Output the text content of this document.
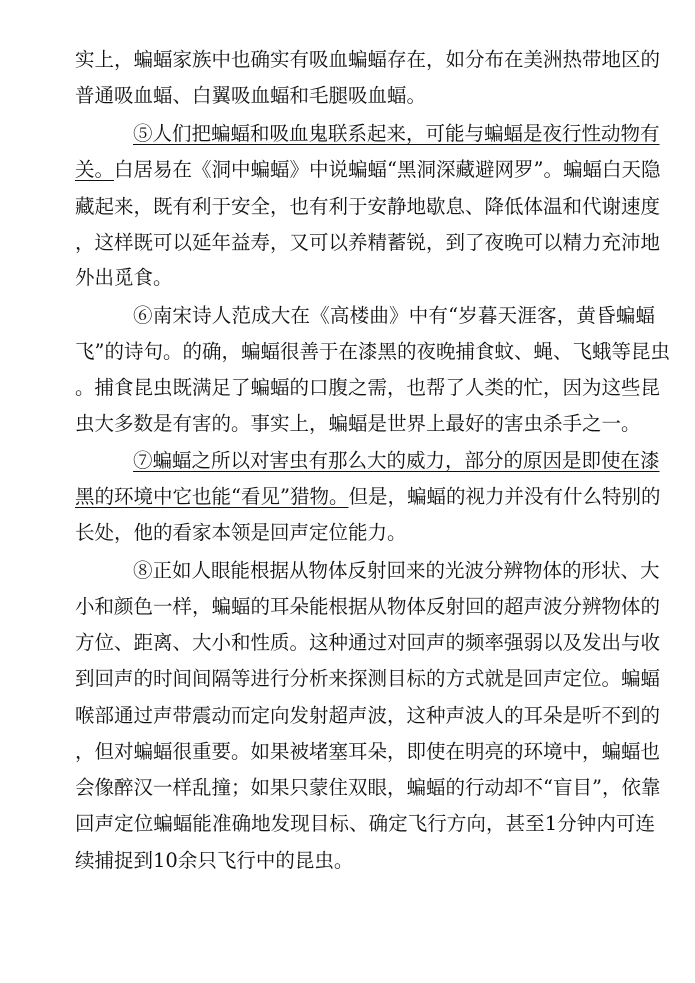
实上，蝙蝠家族中也确实有吸血蝙蝠存在，如分布在美洲热带地区的
普通吸血蝠、白翼吸血蝠和毛腿吸血蝠。
⑤人们把蝙蝠和吸血鬼联系起来，可能与蝙蝠是夜行性动物有
关。白居易在《洞中蝙蝠》中说蝙蝠“黑洞深藏避网罗”。蝙蝠白天隐
藏起来，既有利于安全，也有利于安静地歇息、降低体温和代谢速度
，这样既可以延年益寿，又可以养精蓄锐，到了夜晚可以精力充沛地
外出觅食。
⑥南宋诗人范成大在《高楼曲》中有“岁暮天涯客，黄昏蝙蝠
飞”的诗句。的确，蝙蝠很善于在漆黑的夜晚捕食蚊、蝇、飞蛾等昆虫
。捕食昆虫既满足了蝙蝠的口腹之需，也帮了人类的忙，因为这些昆
虫大多数是有害的。事实上，蝙蝠是世界上最好的害虫杀手之一。
⑦蝙蝠之所以对害虫有那么大的威力，部分的原因是即使在漆
黑的环境中它也能“看见”猎物。但是，蝙蝠的视力并没有什么特别的
长处，他的看家本领是回声定位能力。
⑧正如人眼能根据从物体反射回来的光波分辨物体的形状、大
小和颜色一样，蝙蝠的耳朵能根据从物体反射回的超声波分辨物体的
方位、距离、大小和性质。这种通过对回声的频率强弱以及发出与收
到回声的时间间隔等进行分析来探测目标的方式就是回声定位。蝙蝠
喉部通过声带震动而定向发射超声波，这种声波人的耳朵是听不到的
，但对蝙蝠很重要。如果被堵塞耳朵，即使在明亮的环境中，蝙蝠也
会像醉汉一样乱撞；如果只蒙住双眼，蝙蝠的行动却不“盲目”，依靠
回声定位蝙蝠能准确地发现目标、确定飞行方向，甚至1分钟内可连
续捕捉到10余只飞行中的昆虫。
